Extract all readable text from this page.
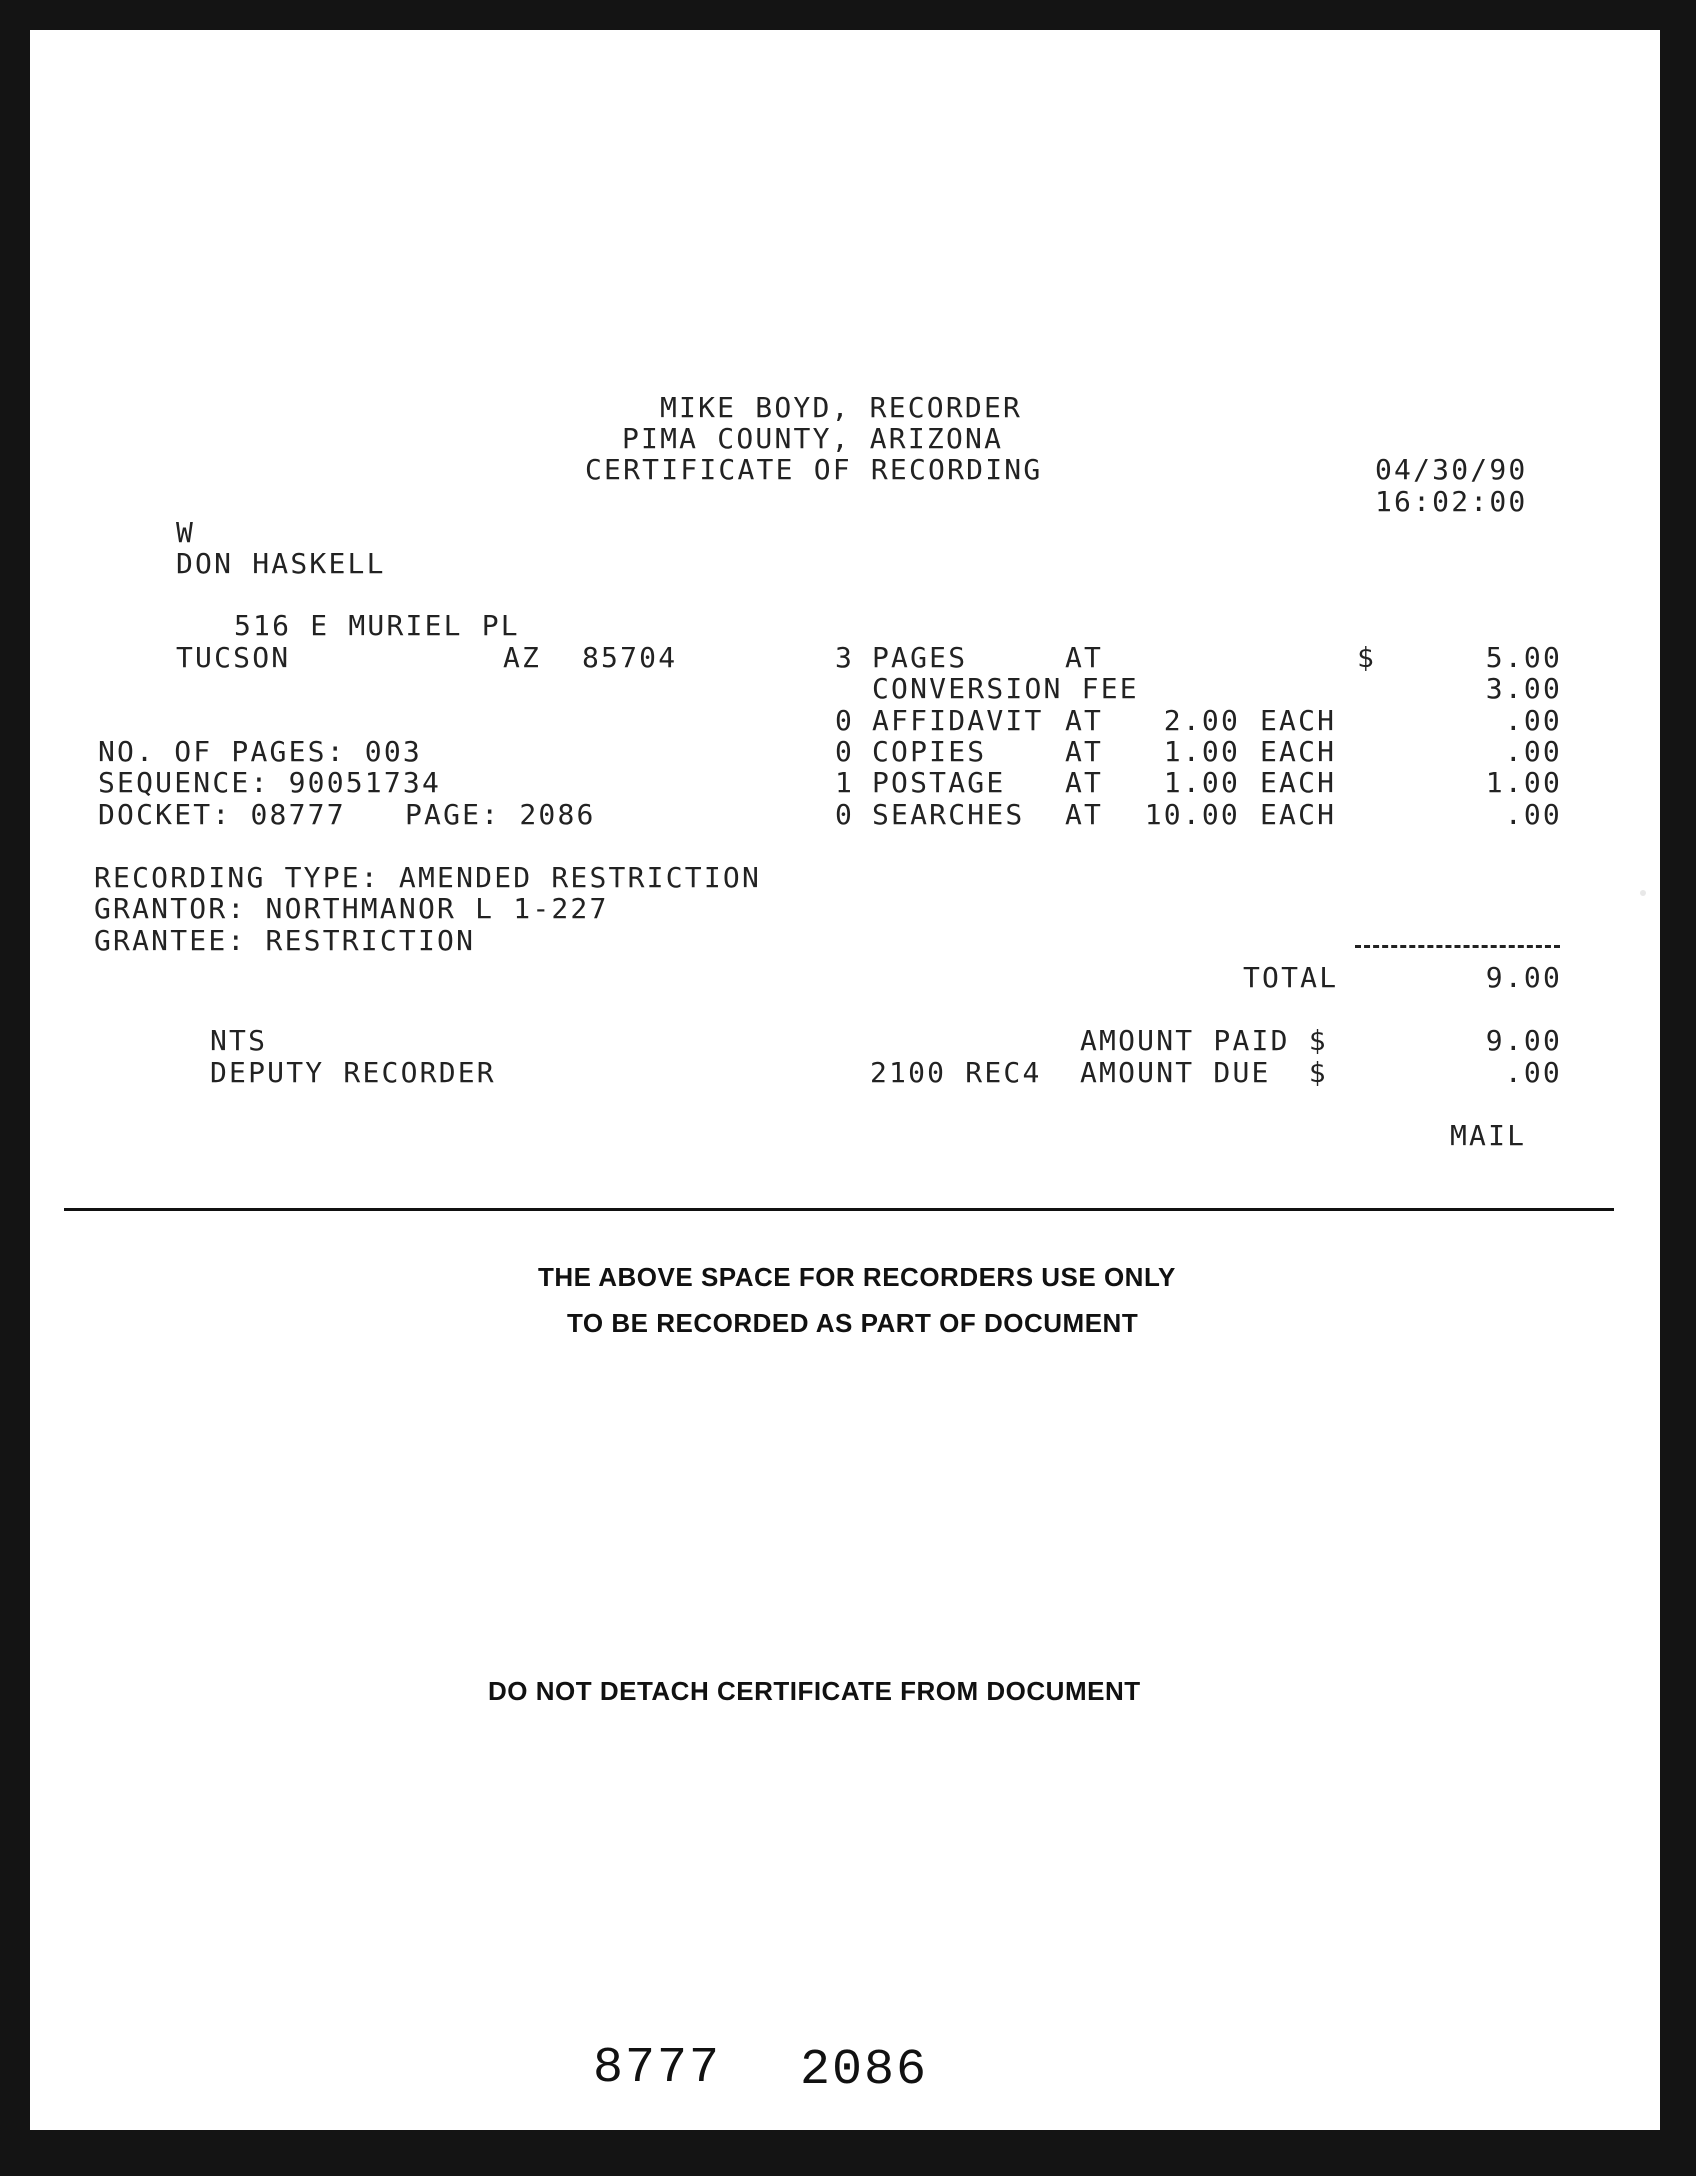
MIKE BOYD, RECORDER
PIMA COUNTY, ARIZONA
CERTIFICATE OF RECORDING	04/30/90
16:02:00
W
DON HASKELL
516 E MURIEL PL
TUCSON	AZ 85704	3 PAGES	AT	$	5.00
CONVERSION FEE	3.00
0 AFFIDAVIT AT	2.00 EACH	.00
0 COPIES	AT	1.00 EACH	.00
1 POSTAGE AT	1.00 EACH	1.00
0 SEARCHES AT	10.00 EACH	.00
TOTAL	9.00
AMOUNT PAID $	9.00
AMOUNT DUE  $	.00
MAIL
NO. OF PAGES: 003
SEQUENCE: 90051734
DOCKET: 08777 PAGE: 2086
RECORDING TYPE: AMENDED RESTRICTION
GRANTOR: NORTHMANOR L 1-227
GRANTEE: RESTRICTION
NTS
DEPUTY RECORDER	2100 REC4
THE ABOVE SPACE FOR RECORDERS USE ONLY
TO BE RECORDED AS PART OF DOCUMENT
DO NOT DETACH CERTIFICATE FROM DOCUMENT
8777 2086
